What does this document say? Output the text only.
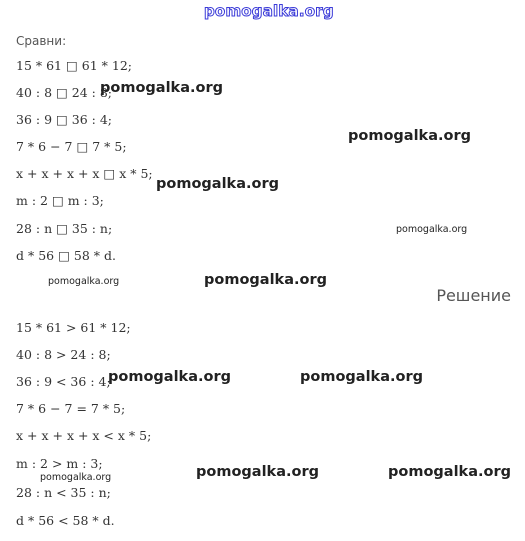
pomogalka.org
Сравни:
15 * 61 □ 61 * 12;
40 : 8 □ 24 : 8;
36 : 9 □ 36 : 4;
7 * 6 − 7 □ 7 * 5;
x + x + x + x □ x * 5;
m : 2 □ m : 3;
28 : n □ 35 : n;
d * 56 □ 58 * d.
Решение
15 * 61 > 61 * 12;
40 : 8 > 24 : 8;
36 : 9 < 36 : 4;
7 * 6 − 7 = 7 * 5;
x + x + x + x < x * 5;
m : 2 > m : 3;
28 : n < 35 : n;
d * 56 < 58 * d.
pomogalka.org
pomogalka.org
pomogalka.org
pomogalka.org
pomogalka.org	pomogalka.org
pomogalka.org	pomogalka.org
pomogalka.org	pomogalka.org
pomogalka.org
